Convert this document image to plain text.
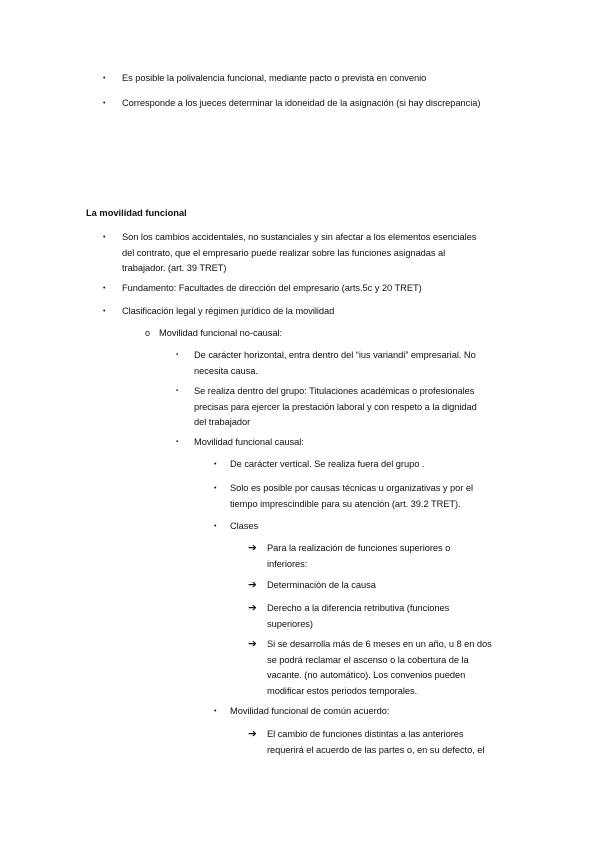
• Es posible la polivalencia funcional, mediante pacto o prevista en convenio
• Corresponde a los jueces determinar la idoneidad de la asignación (si hay discrepancia)
La movilidad funcional
• Son los cambios accidentales, no sustanciales y sin afectar a los elementos esenciales
del contrato, que el empresario puede realizar sobre las funciones asignadas al
trabajador. (art. 39 TRET)
• Fundamento: Facultades de dirección del empresario (arts.5c y 20 TRET)
• Clasificación legal y régimen jurídico de la movilidad
o Movilidad funcional no-causal:
▪ De carácter horizontal, entra dentro del “ius variandi” empresarial. No
necesita causa.
▪ Se realiza dentro del grupo: Titulaciones académicas o profesionales
precisas para ejercer la prestación laboral y con respeto a la dignidad
del trabajador
▪ Movilidad funcional causal:
• De carácter vertical. Se realiza fuera del grupo .
• Solo es posible por causas técnicas u organizativas y por el
tiempo imprescindible para su atención (art. 39.2 TRET).
• Clases
➔ Para la realización de funciones superiores o
inferiores:
➔ Determinación de la causa
➔ Derecho a la diferencia retributiva (funciones
superiores)
➔ Si se desarrolla más de 6 meses en un año, u 8 en dos
se podrá reclamar el ascenso o la cobertura de la
vacante. (no automático). Los convenios pueden
modificar estos periodos temporales.
• Movilidad funcional de común acuerdo:
➔ El cambio de funciones distintas a las anteriores
requerirá el acuerdo de las partes o, en su defecto, el
